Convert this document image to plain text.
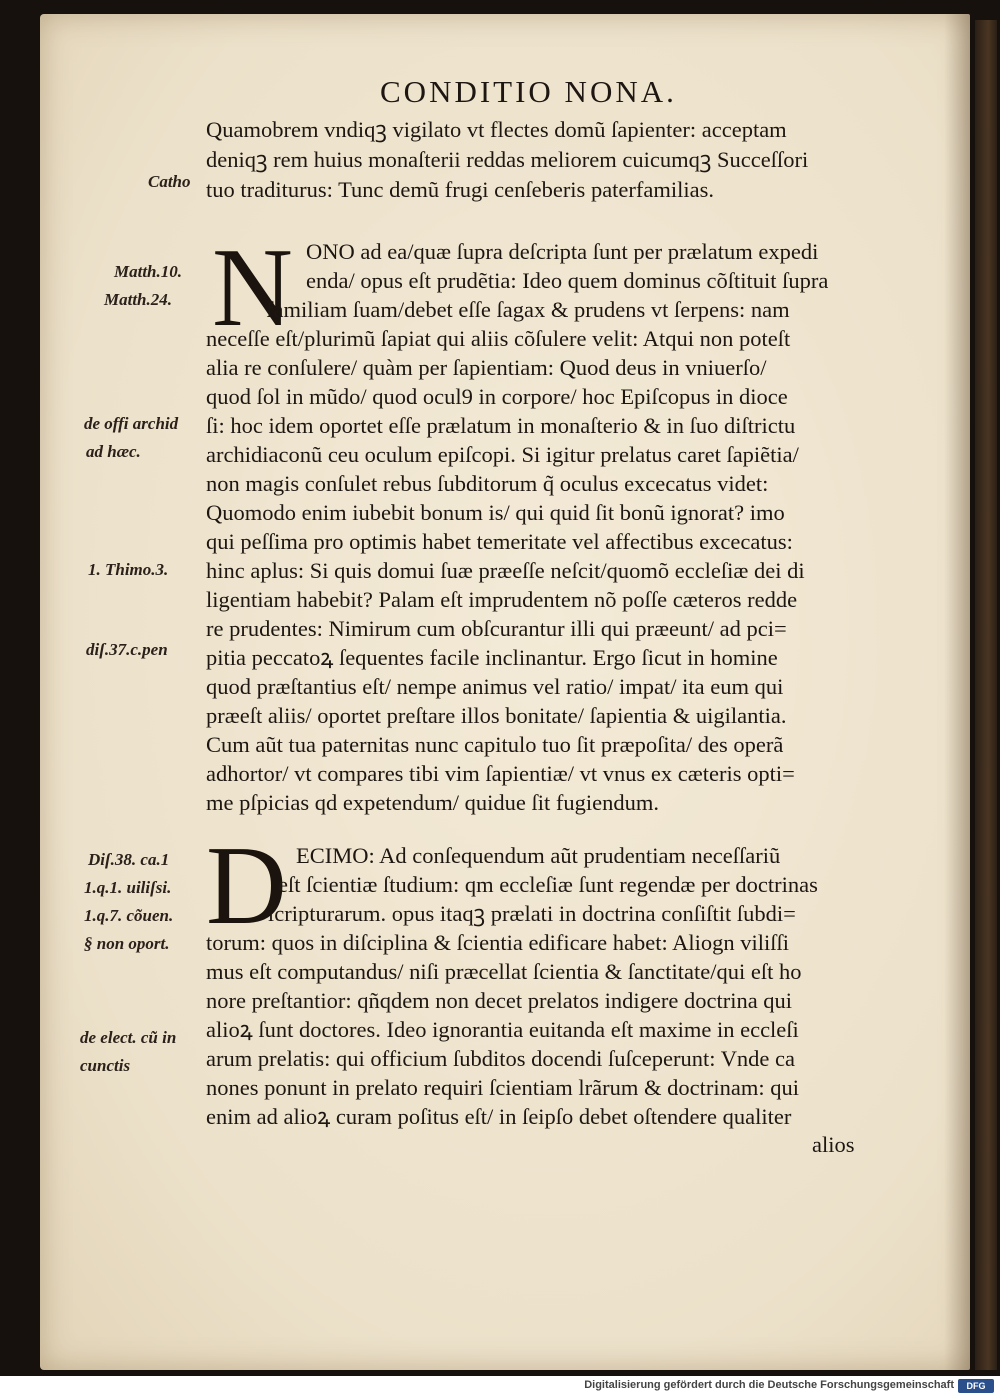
CONDITIO NONA.
Quamobrem vndiqꝫ vigilato vt flectes domũ ſapienter: acceptam
deniqꝫ rem huius monaſterii reddas meliorem cuicumqꝫ Succeſſori
tuo traditurus: Tunc demũ frugi cenſeberis paterfamilias.
N ONO ad ea/quæ ſupra deſcripta ſunt per prælatum expedi
enda/ opus eſt prudẽtia: Ideo quem dominus cõſtituit ſupra
familiam ſuam/debet eſſe ſagax & prudens vt ſerpens: nam
neceſſe eſt/plurimũ ſapiat qui aliis cõſulere velit: Atqui non poteſt
alia re conſulere/ quàm per ſapientiam: Quod deus in vniuerſo/
quod ſol in mũdo/ quod ocul9 in corpore/ hoc Epiſcopus in dioce
ſi: hoc idem oportet eſſe prælatum in monaſterio & in ſuo diſtrictu
archidiaconũ ceu oculum epiſcopi. Si igitur prelatus caret ſapiẽtia/
non magis conſulet rebus ſubditorum q̃ oculus excecatus videt:
Quomodo enim iubebit bonum is/ qui quid ſit bonũ ignorat? imo
qui peſſima pro optimis habet temeritate vel affectibus excecatus:
hinc aplus: Si quis domui ſuæ præeſſe neſcit/quomõ eccleſiæ dei di
ligentiam habebit? Palam eſt imprudentem nõ poſſe cæteros redde
re prudentes: Nimirum cum obſcurantur illi qui præeunt/ ad pci=
pitia peccatoꝝ ſequentes facile inclinantur. Ergo ſicut in homine
quod præſtantius eſt/ nempe animus vel ratio/ impat/ ita eum qui
præeſt aliis/ oportet preſtare illos bonitate/ ſapientia & uigilantia.
Cum aũt tua paternitas nunc capitulo tuo ſit præpoſita/ des operã
adhortor/ vt compares tibi vim ſapientiæ/ vt vnus ex cæteris opti=
me pſpicias qd expetendum/ quidue ſit fugiendum.
D ECIMO: Ad conſequendum aũt prudentiam neceſſariũ
eſt ſcientiæ ſtudium: qm eccleſiæ ſunt regendæ per doctrinas
ſcripturarum. opus itaqꝫ prælati in doctrina conſiſtit ſubdi=
torum: quos in diſciplina & ſcientia edificare habet: Aliogn viliſſi
mus eſt computandus/ niſi præcellat ſcientia & ſanctitate/qui eſt ho
nore preſtantior: qñqdem non decet prelatos indigere doctrina qui
alioꝝ ſunt doctores. Ideo ignorantia euitanda eſt maxime in eccleſi
arum prelatis: qui officium ſubditos docendi ſuſceperunt: Vnde ca
nones ponunt in prelato requiri ſcientiam lrãrum & doctrinam: qui
enim ad alioꝝ curam poſitus eſt/ in ſeipſo debet oſtendere qualiter
alios
Catho
Matth.10.
Matth.24.
de offi archid
ad hæc.
1. Thimo.3.
diſ.37.c.pen
Diſ.38. ca.1
1.q.1. uiliſsi.
1.q.7. cõuen.
§ non oport.
de elect. cũ in
cunctis
Digitalisierung gefördert durch die Deutsche Forschungsgemeinschaft	DFG
